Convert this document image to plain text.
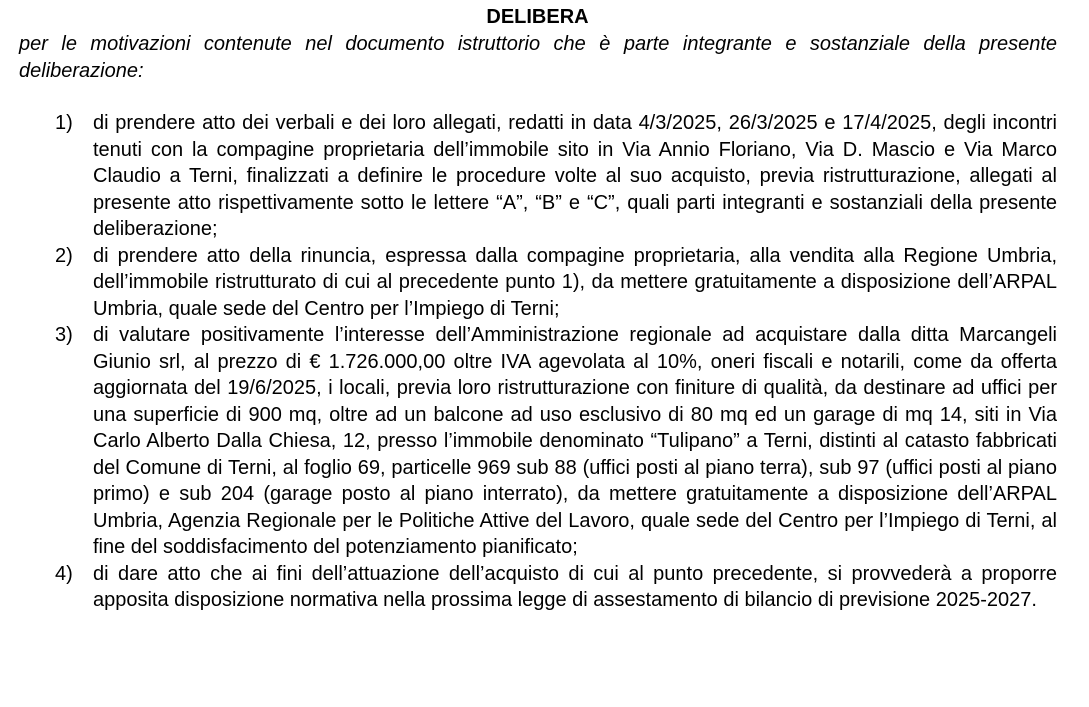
DELIBERA

per le motivazioni contenute nel documento istruttorio che è parte integrante e sostanziale della presente deliberazione:

1) di prendere atto dei verbali e dei loro allegati, redatti in data 4/3/2025, 26/3/2025 e 17/4/2025, degli incontri tenuti con la compagine proprietaria dell’immobile sito in Via Annio Floriano, Via D. Mascio e Via Marco Claudio a Terni, finalizzati a definire le procedure volte al suo acquisto, previa ristrutturazione, allegati al presente atto rispettivamente sotto le lettere “A”, “B” e “C”, quali parti integranti e sostanziali della presente deliberazione;
2) di prendere atto della rinuncia, espressa dalla compagine proprietaria, alla vendita alla Regione Umbria, dell’immobile ristrutturato di cui al precedente punto 1), da mettere gratuitamente a disposizione dell’ARPAL Umbria, quale sede del Centro per l’Impiego di Terni;
3) di valutare positivamente l’interesse dell’Amministrazione regionale ad acquistare dalla ditta Marcangeli Giunio srl, al prezzo di € 1.726.000,00 oltre IVA agevolata al 10%, oneri fiscali e notarili, come da offerta aggiornata del 19/6/2025, i locali, previa loro ristrutturazione con finiture di qualità, da destinare ad uffici per una superficie di 900 mq, oltre ad un balcone ad uso esclusivo di 80 mq ed un garage di mq 14, siti in Via Carlo Alberto Dalla Chiesa, 12, presso l’immobile denominato “Tulipano” a Terni, distinti al catasto fabbricati del Comune di Terni, al foglio 69, particelle 969 sub 88 (uffici posti al piano terra), sub 97 (uffici posti al piano primo) e sub 204 (garage posto al piano interrato), da mettere gratuitamente a disposizione dell’ARPAL Umbria, Agenzia Regionale per le Politiche Attive del Lavoro, quale sede del Centro per l’Impiego di Terni, al fine del soddisfacimento del potenziamento pianificato;
4) di dare atto che ai fini dell’attuazione dell’acquisto di cui al punto precedente, si provvederà a proporre apposita disposizione normativa nella prossima legge di assestamento di bilancio di previsione 2025-2027.
